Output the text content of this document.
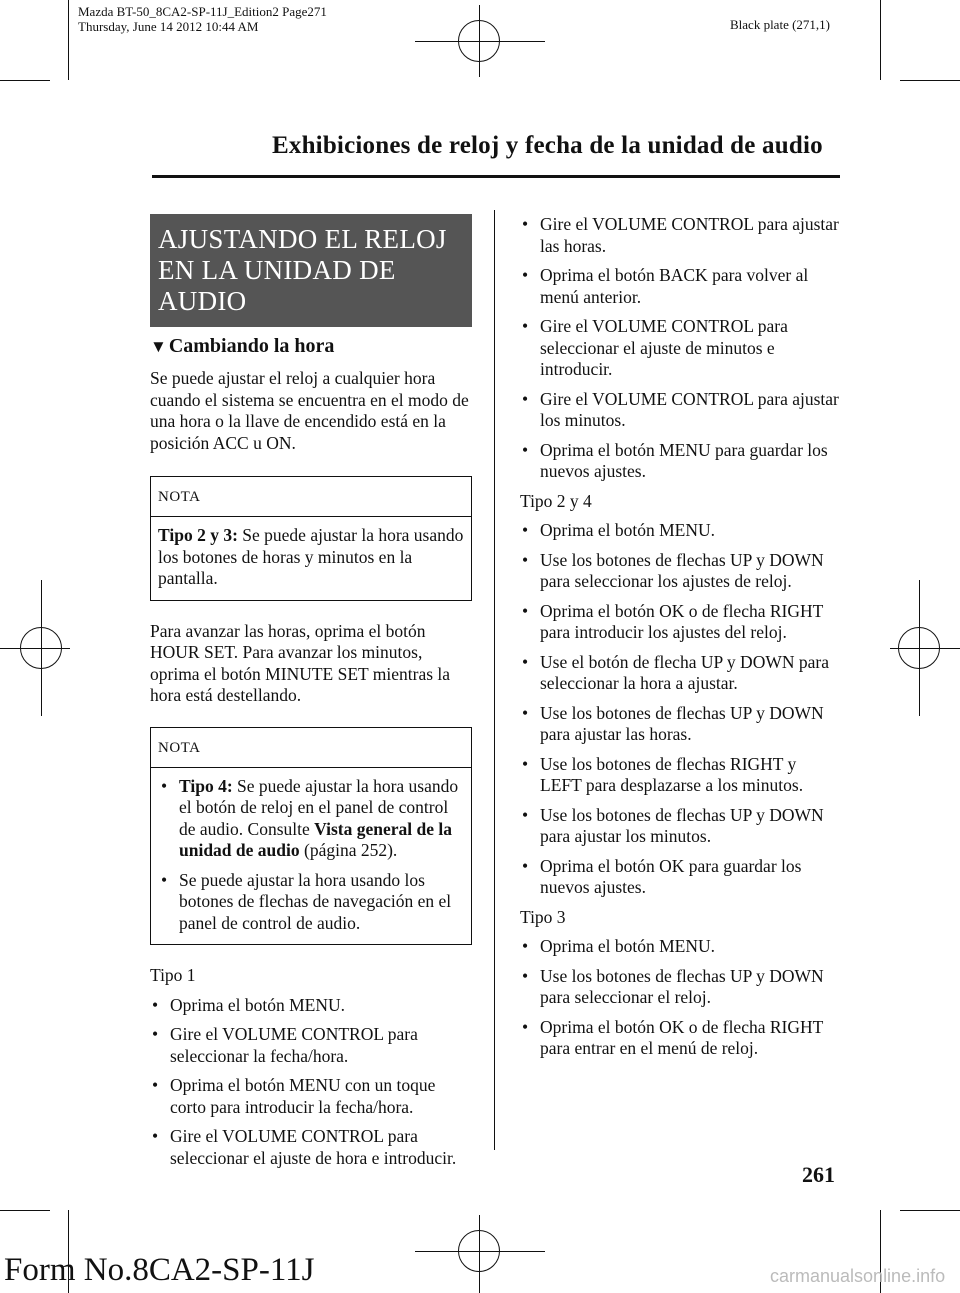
Mazda BT-50_8CA2-SP-11J_Edition2 Page271
Thursday, June 14 2012 10:44 AM	Black plate (271,1)
Exhibiciones de reloj y fecha de la unidad de audio
AJUSTANDO EL RELOJ
EN LA UNIDAD DE AUDIO
▼ Cambiando la hora

Se puede ajustar el reloj a cualquier hora cuando el sistema se encuentra en el modo de una hora o la llave de encendido está en la posición ACC u ON.

NOTA
Tipo 2 y 3: Se puede ajustar la hora usando los botones de horas y minutos en la pantalla.

Para avanzar las horas, oprima el botón HOUR SET. Para avanzar los minutos, oprima el botón MINUTE SET mientras la hora está destellando.

NOTA
• Tipo 4: Se puede ajustar la hora usando el botón de reloj en el panel de control de audio. Consulte Vista general de la unidad de audio (página 252).
• Se puede ajustar la hora usando los botones de flechas de navegación en el panel de control de audio.
Tipo 1
• Oprima el botón MENU.
• Gire el VOLUME CONTROL para seleccionar la fecha/hora.
• Oprima el botón MENU con un toque corto para introducir la fecha/hora.
• Gire el VOLUME CONTROL para seleccionar el ajuste de hora e introducir.
• Gire el VOLUME CONTROL para ajustar las horas.
• Oprima el botón BACK para volver al menú anterior.
• Gire el VOLUME CONTROL para seleccionar el ajuste de minutos e introducir.
• Gire el VOLUME CONTROL para ajustar los minutos.
• Oprima el botón MENU para guardar los nuevos ajustes.
Tipo 2 y 4
• Oprima el botón MENU.
• Use los botones de flechas UP y DOWN para seleccionar los ajustes de reloj.
• Oprima el botón OK o de flecha RIGHT para introducir los ajustes del reloj.
• Use el botón de flecha UP y DOWN para seleccionar la hora a ajustar.
• Use los botones de flechas UP y DOWN para ajustar las horas.
• Use los botones de flechas RIGHT y LEFT para desplazarse a los minutos.
• Use los botones de flechas UP y DOWN para ajustar los minutos.
• Oprima el botón OK para guardar los nuevos ajustes.
Tipo 3
• Oprima el botón MENU.
• Use los botones de flechas UP y DOWN para seleccionar el reloj.
• Oprima el botón OK o de flecha RIGHT para entrar en el menú de reloj.
261
Form No.8CA2-SP-11J	carmanualsonline.info
